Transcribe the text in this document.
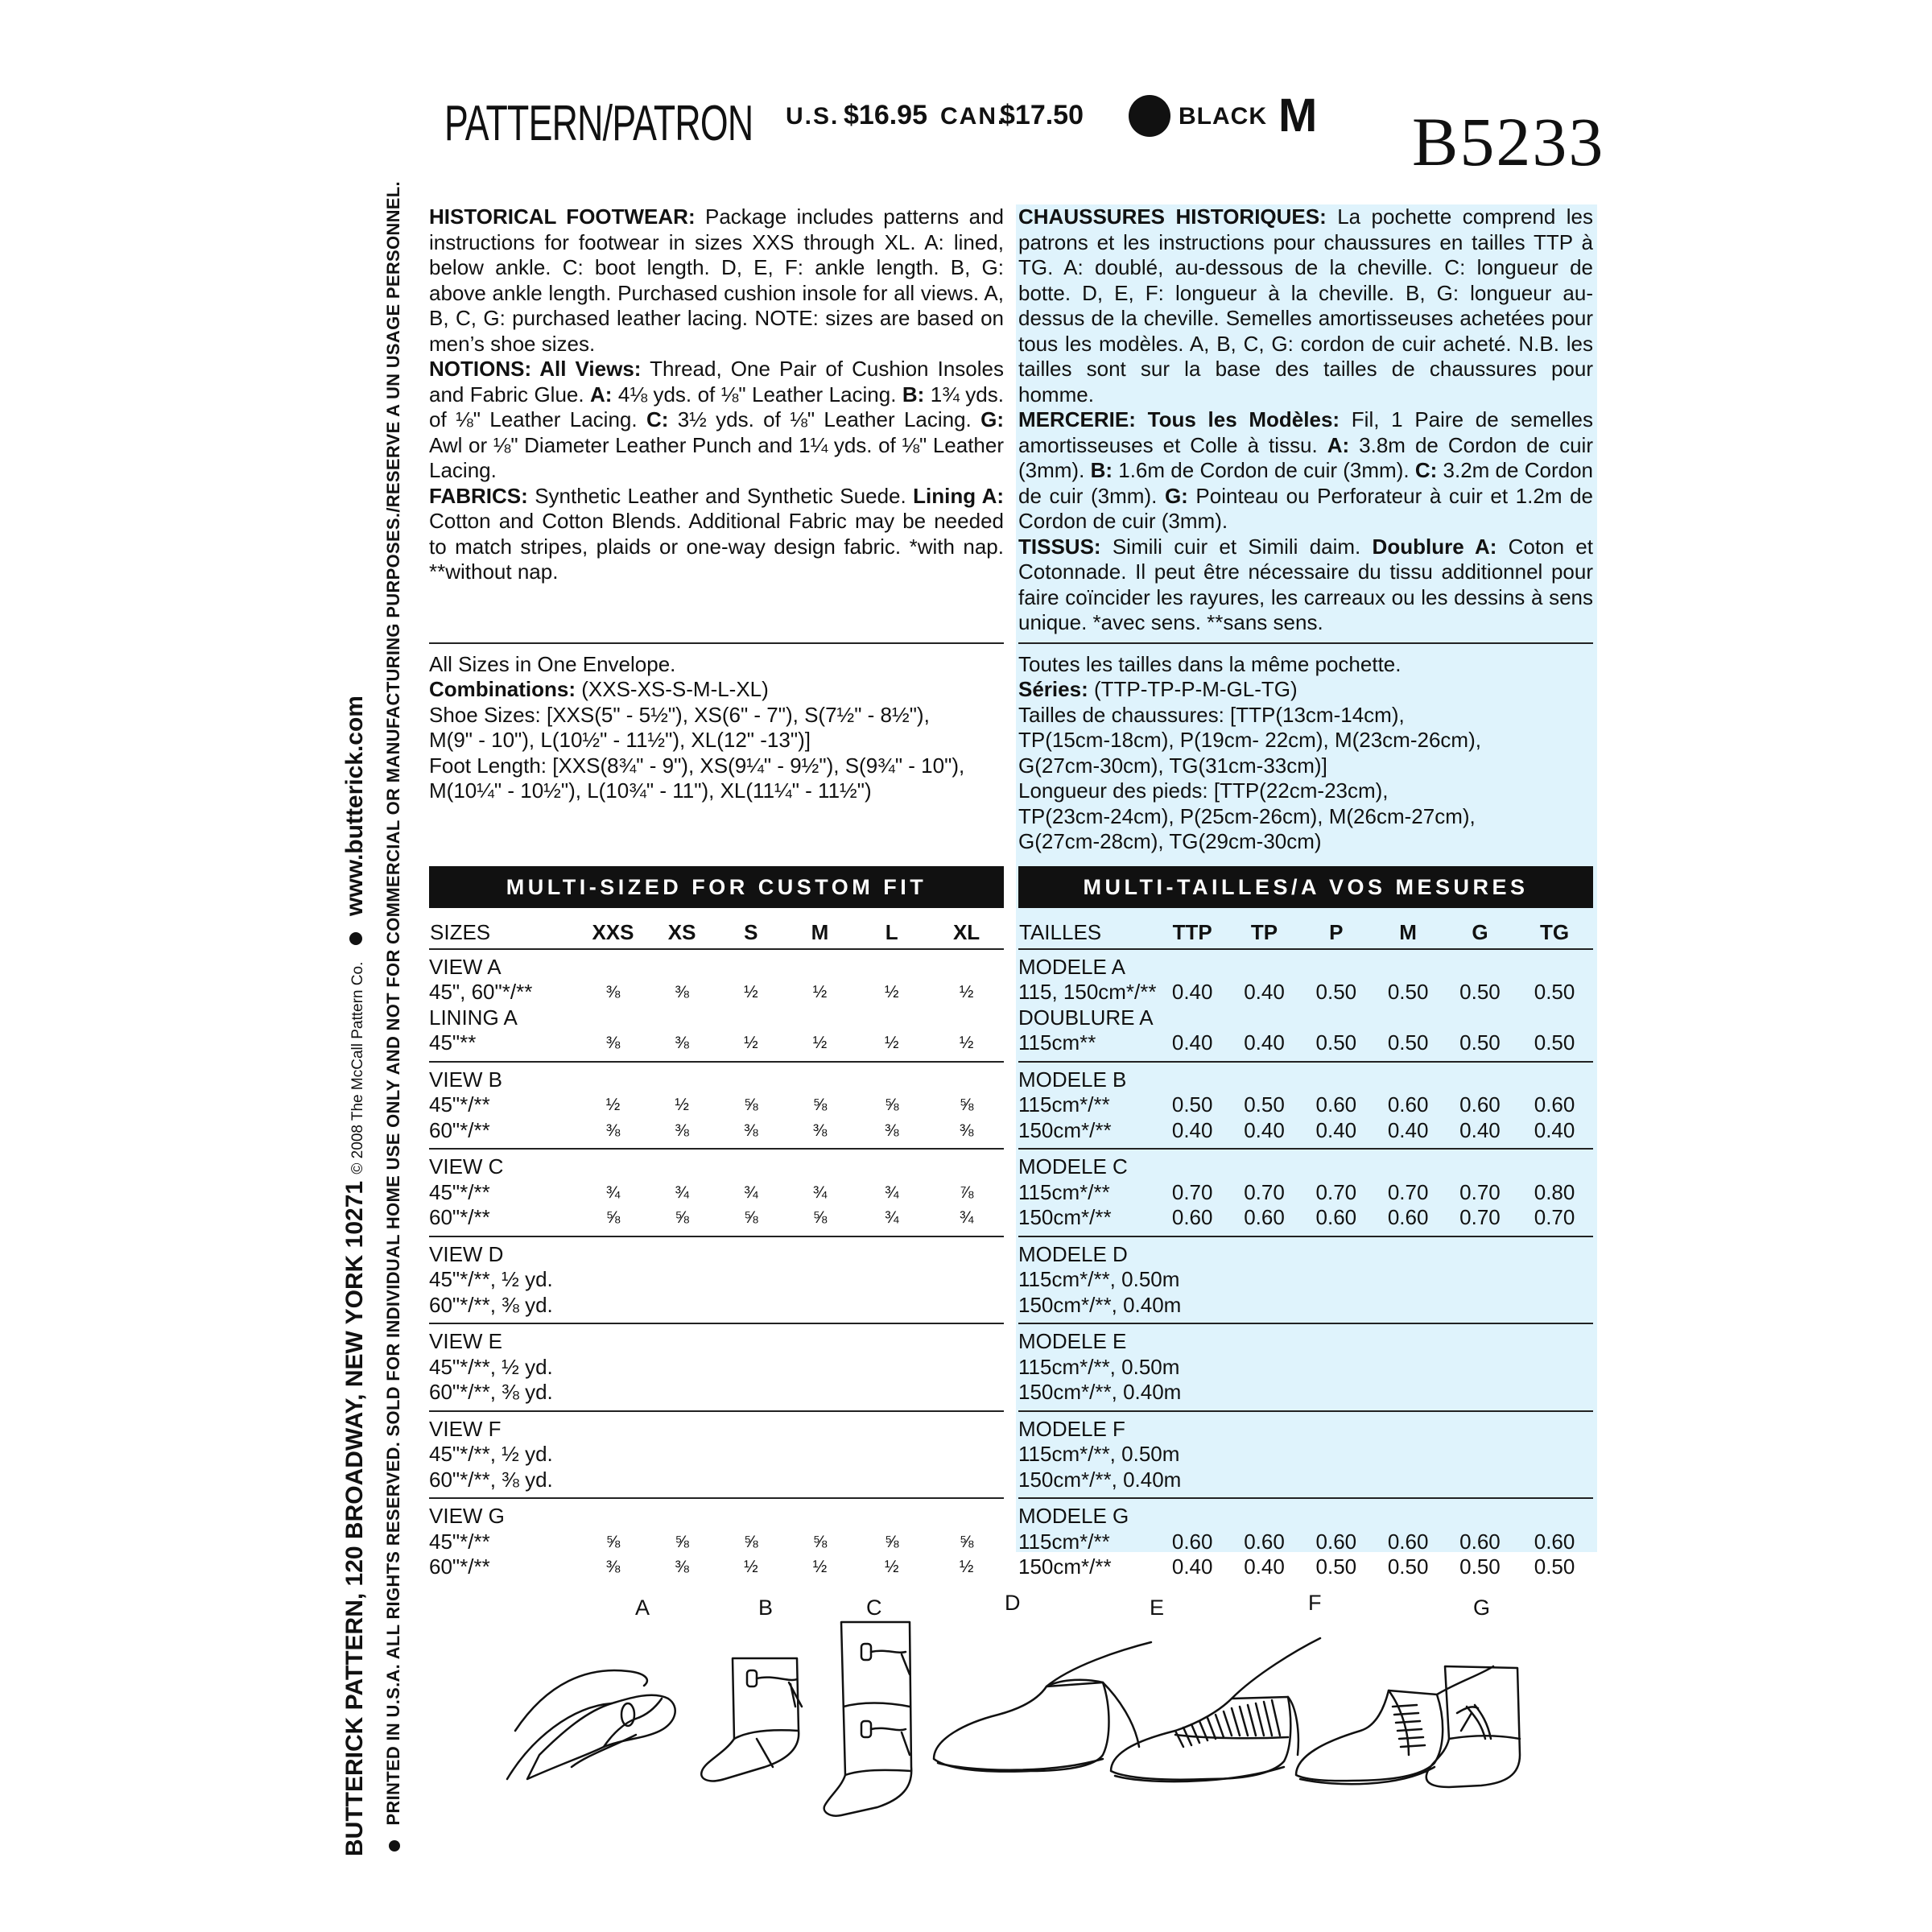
PATTERN/PATRON U.S. $16.95 CAN.
$17.50	BLACK M B5233
BUTTERICK PATTERN, 120 BROADWAY, NEW YORK 10271 © 2008 The McCall Pattern Co.  www.butterick.com PRINTED IN U.S.A. ALL RIGHTS RESERVED. SOLD FOR INDIVIDUAL HOME USE ONLY AND NOT FOR COMMERCIAL OR MANUFACTURING PURPOSES./RESERVE A UN USAGE PERSONNEL. HISTORICAL FOOTWEAR: Package includes patterns and instructions for footwear in sizes XXS through XL. A: lined, below ankle. C: boot length. D, E, F: ankle length. B, G: above ankle length. Purchased cushion insole for all views. A, B, C, G: purchased leather lacing. NOTE: sizes are based on men’s shoe sizes.

NOTIONS: All Views: Thread, One Pair of Cushion Insoles and Fabric Glue. A: 4⅛ yds. of ⅛" Leather Lacing. B: 1¾ yds. of ⅛" Leather Lacing. C: 3½ yds. of ⅛" Leather Lacing. G: Awl or ⅛" Diameter Leather Punch and 1¼ yds. of ⅛" Leather Lacing.

FABRICS: Synthetic Leather and Synthetic Suede. Lining A: Cotton and Cotton Blends. Additional Fabric may be needed to match stripes, plaids or one-way design fabric. *with nap. **without nap.

All Sizes in One Envelope.

Combinations: (XXS-XS-S-M-L-XL)

Shoe Sizes: [XXS(5" - 5½"), XS(6" - 7"), S(7½" - 8½"),

M(9" - 10"), L(10½" - 11½"), XL(12" -13")]

Foot Length: [XXS(8¾" - 9"), XS(9¼" - 9½"), S(9¾" - 10"),

M(10¼" - 10½"), L(10¾" - 11"), XL(11¼" - 11½")

MULTI-SIZED FOR CUSTOM FIT
SIZES	XXS	XS	S	M	L	XL
VIEW A						
45", 60"*/**	⅜	⅜	½	½	½	½
LINING A						
45"**	⅜	⅜	½	½	½	½
VIEW B						
45"*/**	½	½	⅝	⅝	⅝	⅝
60"*/**	⅜	⅜	⅜	⅜	⅜	⅜
VIEW C						
45"*/**	¾	¾	¾	¾	¾	⅞
60"*/**	⅝	⅝	⅝	⅝	¾	¾
VIEW D						
45"*/**, ½ yd.						
60"*/**, ⅜ yd.						
VIEW E						
45"*/**, ½ yd.						
60"*/**, ⅜ yd.						
VIEW F						
45"*/**, ½ yd.						
60"*/**, ⅜ yd.						
VIEW G						
45"*/**	⅝	⅝	⅝	⅝	⅝	⅝
60"*/**	⅜	⅜	½	½	½	½

CHAUSSURES HISTORIQUES: La pochette comprend les patrons et les instructions pour chaussures en tailles TTP à TG. A: doublé, au-dessous de la cheville. C: longueur de botte. D, E, F: longueur à la cheville. B, G: longueur au-dessus de la cheville. Semelles amortisseuses achetées pour tous les modèles. A, B, C, G: cordon de cuir acheté. N.B. les tailles sont sur la base des tailles de chaussures pour homme.

MERCERIE: Tous les Modèles: Fil, 1 Paire de semelles amortisseuses et Colle à tissu. A: 3.8m de Cordon de cuir (3mm). B: 1.6m de Cordon de cuir (3mm). C: 3.2m de Cordon de cuir (3mm). G: Pointeau ou Perforateur à cuir et 1.2m de Cordon de cuir (3mm).

TISSUS: Simili cuir et Simili daim. Doublure A: Coton et Cotonnade. Il peut être nécessaire du tissu additionnel pour faire coïncider les rayures, les carreaux ou les dessins à sens unique. *avec sens. **sans sens.

Toutes les tailles dans la même pochette.

Séries: (TTP-TP-P-M-GL-TG)

Tailles de chaussures: [TTP(13cm-14cm),

TP(15cm-18cm), P(19cm- 22cm), M(23cm-26cm),

G(27cm-30cm), TG(31cm-33cm)]

Longueur des pieds: [TTP(22cm-23cm),

TP(23cm-24cm), P(25cm-26cm), M(26cm-27cm),

G(27cm-28cm), TG(29cm-30cm)

MULTI-TAILLES/A VOS MESURES
TAILLES	TTP	TP	P	M	G	TG
MODELE A						
115, 150cm*/**	0.40	0.40	0.50	0.50	0.50	0.50
DOUBLURE A						
115cm**	0.40	0.40	0.50	0.50	0.50	0.50
MODELE B						
115cm*/**	0.50	0.50	0.60	0.60	0.60	0.60
150cm*/**	0.40	0.40	0.40	0.40	0.40	0.40
MODELE C						
115cm*/**	0.70	0.70	0.70	0.70	0.70	0.80
150cm*/**	0.60	0.60	0.60	0.60	0.70	0.70
MODELE D						
115cm*/**, 0.50m						
150cm*/**, 0.40m						
MODELE E						
115cm*/**, 0.50m						
150cm*/**, 0.40m						
MODELE F						
115cm*/**, 0.50m						
150cm*/**, 0.40m						
MODELE G						
115cm*/**	0.60	0.60	0.60	0.60	0.60	0.60
150cm*/**	0.40	0.40	0.50	0.50	0.50	0.50
A	B	C	D	E	F	G
